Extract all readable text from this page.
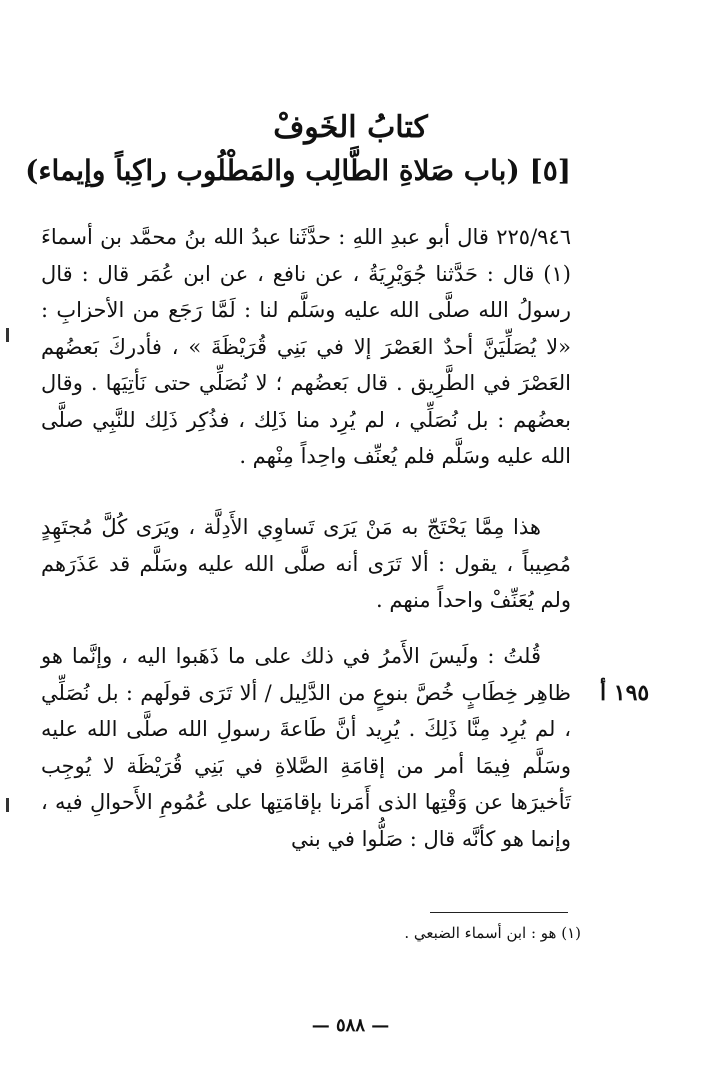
كتابُ الخَوفْ
[٥] (باب صَلاةِ الطَّالِب والمَطْلُوب راكِباً وإيماء)
٢٢٥/٩٤٦ قال أبو عبدِ اللهِ : حدَّثَنا عبدُ الله بنُ محمَّد بن أسماءَ (١) قال : حَدَّثنا جُوَيْرِيَةُ ، عن نافع ، عن ابن عُمَر قال : قال رسولُ الله صلَّى الله عليه وسَلَّم لنا : لَمَّا رَجَع من الأحزابِ : «لا يُصَلِّيَنَّ أحدٌ العَصْرَ إلا في بَنِي قُرَيْظَةَ » ، فأدركَ بَعضُهم العَصْرَ في الطَّرِيق . قال بَعضُهم ؛ لا نُصَلِّي حتى نَأتِيَها . وقال بعضُهم : بل نُصَلِّي ، لم يُرِد منا ذَلِك ، فذُكِر ذَلِك للنَّبِي صلَّى الله عليه وسَلَّم فلم يُعنِّف واحِداً مِنْهم .
هذا مِمَّا يَحْتَجّ به مَنْ يَرَى تَساوِي الأَدِلَّة ، ويَرَى كُلَّ مُجتَهِدٍ مُصِيباً ، يقول : ألا تَرَى أنه صلَّى الله عليه وسَلَّم قد عَذَرَهم ولم يُعَنِّفْ واحداً منهم .
قُلتُ : ولَيسَ الأَمرُ في ذلك على ما ذَهَبوا اليه ، وإنَّما هو ظاهِر خِطَابٍ خُصَّ بنوعٍ من الدَّلِيل / ألا تَرَى قولَهم : بل نُصَلِّي ، لم يُرِد مِنَّا ذَلِكَ . يُرِيد أنَّ طَاعةَ رسولِ الله صلَّى الله عليه وسَلَّم فِيمَا أمر من إقامَةِ الصَّلاةِ في بَنِي قُرَيْظَة لا يُوجِب تَأخيرَها عن وَقْتِها الذى أَمَرنا بإقامَتِها على عُمُومِ الأَحوالِ فيه ، وإنما هو كأنَّه قال : صَلُّوا في بني
١٩٥ أ
(١) هو : ابن أسماء الضبعي .
— ٥٨٨ —
